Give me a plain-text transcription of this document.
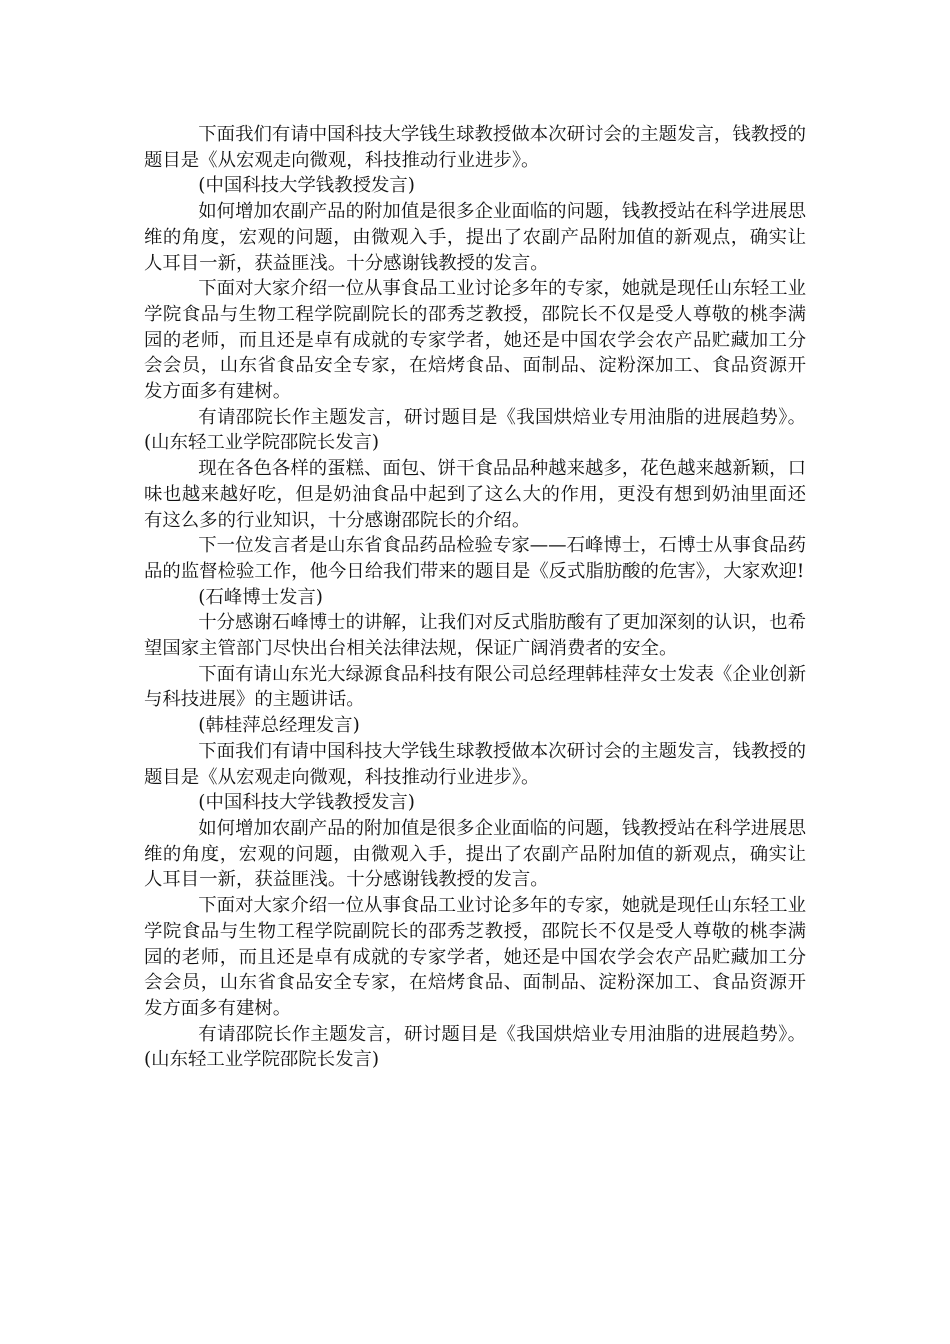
下面我们有请中国科技大学钱生球教授做本次研讨会的主题发言，钱教授的题目是《从宏观走向微观，科技推动行业进步》。

(中国科技大学钱教授发言)

如何增加农副产品的附加值是很多企业面临的问题，钱教授站在科学进展思维的角度，宏观的问题，由微观入手，提出了农副产品附加值的新观点，确实让人耳目一新，获益匪浅。十分感谢钱教授的发言。

下面对大家介绍一位从事食品工业讨论多年的专家，她就是现任山东轻工业学院食品与生物工程学院副院长的邵秀芝教授，邵院长不仅是受人尊敬的桃李满园的老师，而且还是卓有成就的专家学者，她还是中国农学会农产品贮藏加工分会会员，山东省食品安全专家，在焙烤食品、面制品、淀粉深加工、食品资源开发方面多有建树。

有请邵院长作主题发言，研讨题目是《我国烘焙业专用油脂的进展趋势》。(山东轻工业学院邵院长发言)

现在各色各样的蛋糕、面包、饼干食品品种越来越多，花色越来越新颖，口味也越来越好吃，但是奶油食品中起到了这么大的作用，更没有想到奶油里面还有这么多的行业知识，十分感谢邵院长的介绍。

下一位发言者是山东省食品药品检验专家——石峰博士，石博士从事食品药品的监督检验工作，他今日给我们带来的题目是《反式脂肪酸的危害》，大家欢迎!

(石峰博士发言)

十分感谢石峰博士的讲解，让我们对反式脂肪酸有了更加深刻的认识，也希望国家主管部门尽快出台相关法律法规，保证广阔消费者的安全。

下面有请山东光大绿源食品科技有限公司总经理韩桂萍女士发表《企业创新与科技进展》的主题讲话。

(韩桂萍总经理发言)

下面我们有请中国科技大学钱生球教授做本次研讨会的主题发言，钱教授的题目是《从宏观走向微观，科技推动行业进步》。

(中国科技大学钱教授发言)

如何增加农副产品的附加值是很多企业面临的问题，钱教授站在科学进展思维的角度，宏观的问题，由微观入手，提出了农副产品附加值的新观点，确实让人耳目一新，获益匪浅。十分感谢钱教授的发言。

下面对大家介绍一位从事食品工业讨论多年的专家，她就是现任山东轻工业学院食品与生物工程学院副院长的邵秀芝教授，邵院长不仅是受人尊敬的桃李满园的老师，而且还是卓有成就的专家学者，她还是中国农学会农产品贮藏加工分会会员，山东省食品安全专家，在焙烤食品、面制品、淀粉深加工、食品资源开发方面多有建树。

有请邵院长作主题发言，研讨题目是《我国烘焙业专用油脂的进展趋势》。(山东轻工业学院邵院长发言)
